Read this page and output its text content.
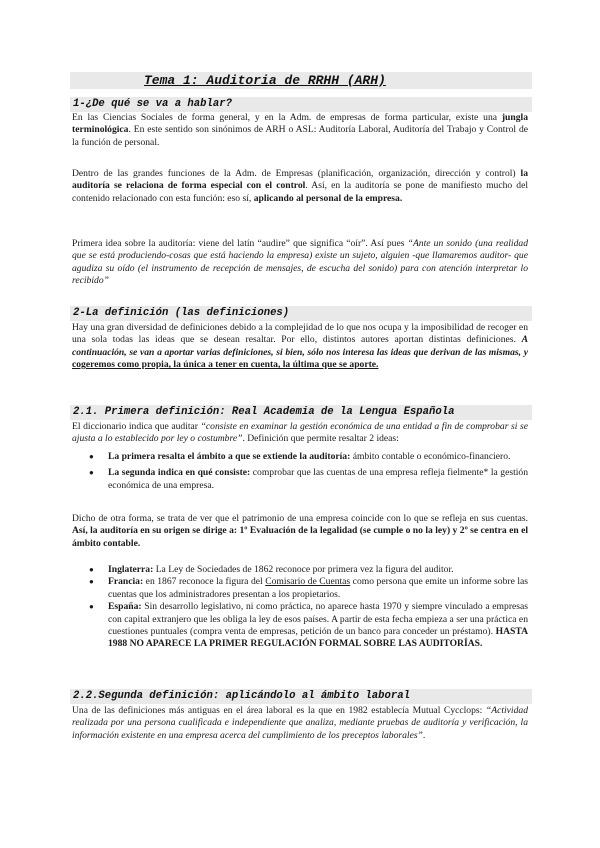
Tema 1: Auditoria de RRHH (ARH)
1-¿De qué se va a hablar?

En las Ciencias Sociales de forma general, y en la Adm. de empresas de forma particular, existe una jungla terminológica. En este sentido son sinónimos de ARH o ASL: Auditoría Laboral, Auditoría del Trabajo y Control de la función de personal.

Dentro de las grandes funciones de la Adm. de Empresas (planificación, organización, dirección y control) la auditoría se relaciona de forma especial con el control. Así, en la auditoría se pone de manifiesto mucho del contenido relacionado con esta función: eso sí, aplicando al personal de la empresa.

Primera idea sobre la auditoría: viene del latín “audire” que significa “oír”. Así pues “Ante un sonido (una realidad que se está produciendo-cosas que está haciendo la empresa) existe un sujeto, alguien -que llamaremos auditor- que agudiza su oído (el instrumento de recepción de mensajes, de escucha del sonido) para con atención interpretar lo recibido”

2-La definición (las definiciones)

Hay una gran diversidad de definiciones debido a la complejidad de lo que nos ocupa y la imposibilidad de recoger en una sola todas las ideas que se desean resaltar. Por ello, distintos autores aportan distintas definiciones. A continuación, se van a aportar varias definiciones, si bien, sólo nos interesa las ideas que derivan de las mismas, y cogeremos como propia, la única a tener en cuenta, la última que se aporte.

2.1. Primera definición: Real Academia de la Lengua Española

El diccionario indica que auditar “consiste en examinar la gestión económica de una entidad a fin de comprobar si se ajusta a lo establecido por ley o costumbre”. Definición que permite resaltar 2 ideas:

● La primera resalta el ámbito a que se extiende la auditoría: ámbito contable o económico-financiero.
● La segunda indica en qué consiste: comprobar que las cuentas de una empresa refleja fielmente* la gestión económica de una empresa.

Dicho de otra forma, se trata de ver que el patrimonio de una empresa coincide con lo que se refleja en sus cuentas. Así, la auditoría en su origen se dirige a: 1º Evaluación de la legalidad (se cumple o no la ley) y 2º se centra en el ámbito contable.

● Inglaterra: La Ley de Sociedades de 1862 reconoce por primera vez la figura del auditor.
● Francia: en 1867 reconoce la figura del Comisario de Cuentas como persona que emite un informe sobre las cuentas que los administradores presentan a los propietarios.
● España: Sin desarrollo legislativo, ni como práctica, no aparece hasta 1970 y siempre vinculado a empresas con capital extranjero que les obliga la ley de esos países. A partir de esta fecha empieza a ser una práctica en cuestiones puntuales (compra venta de empresas, petición de un banco para conceder un préstamo). HASTA 1988 NO APARECE LA PRIMER REGULACIÓN FORMAL SOBRE LAS AUDITORÍAS.
2.2.Segunda definición: aplicándolo al ámbito laboral

Una de las definiciones más antiguas en el área laboral es la que en 1982 establecía Mutual Cycclops: “Actividad realizada por una persona cualificada e independiente que analiza, mediante pruebas de auditoría y verificación, la información existente en una empresa acerca del cumplimiento de los preceptos laborales”.
